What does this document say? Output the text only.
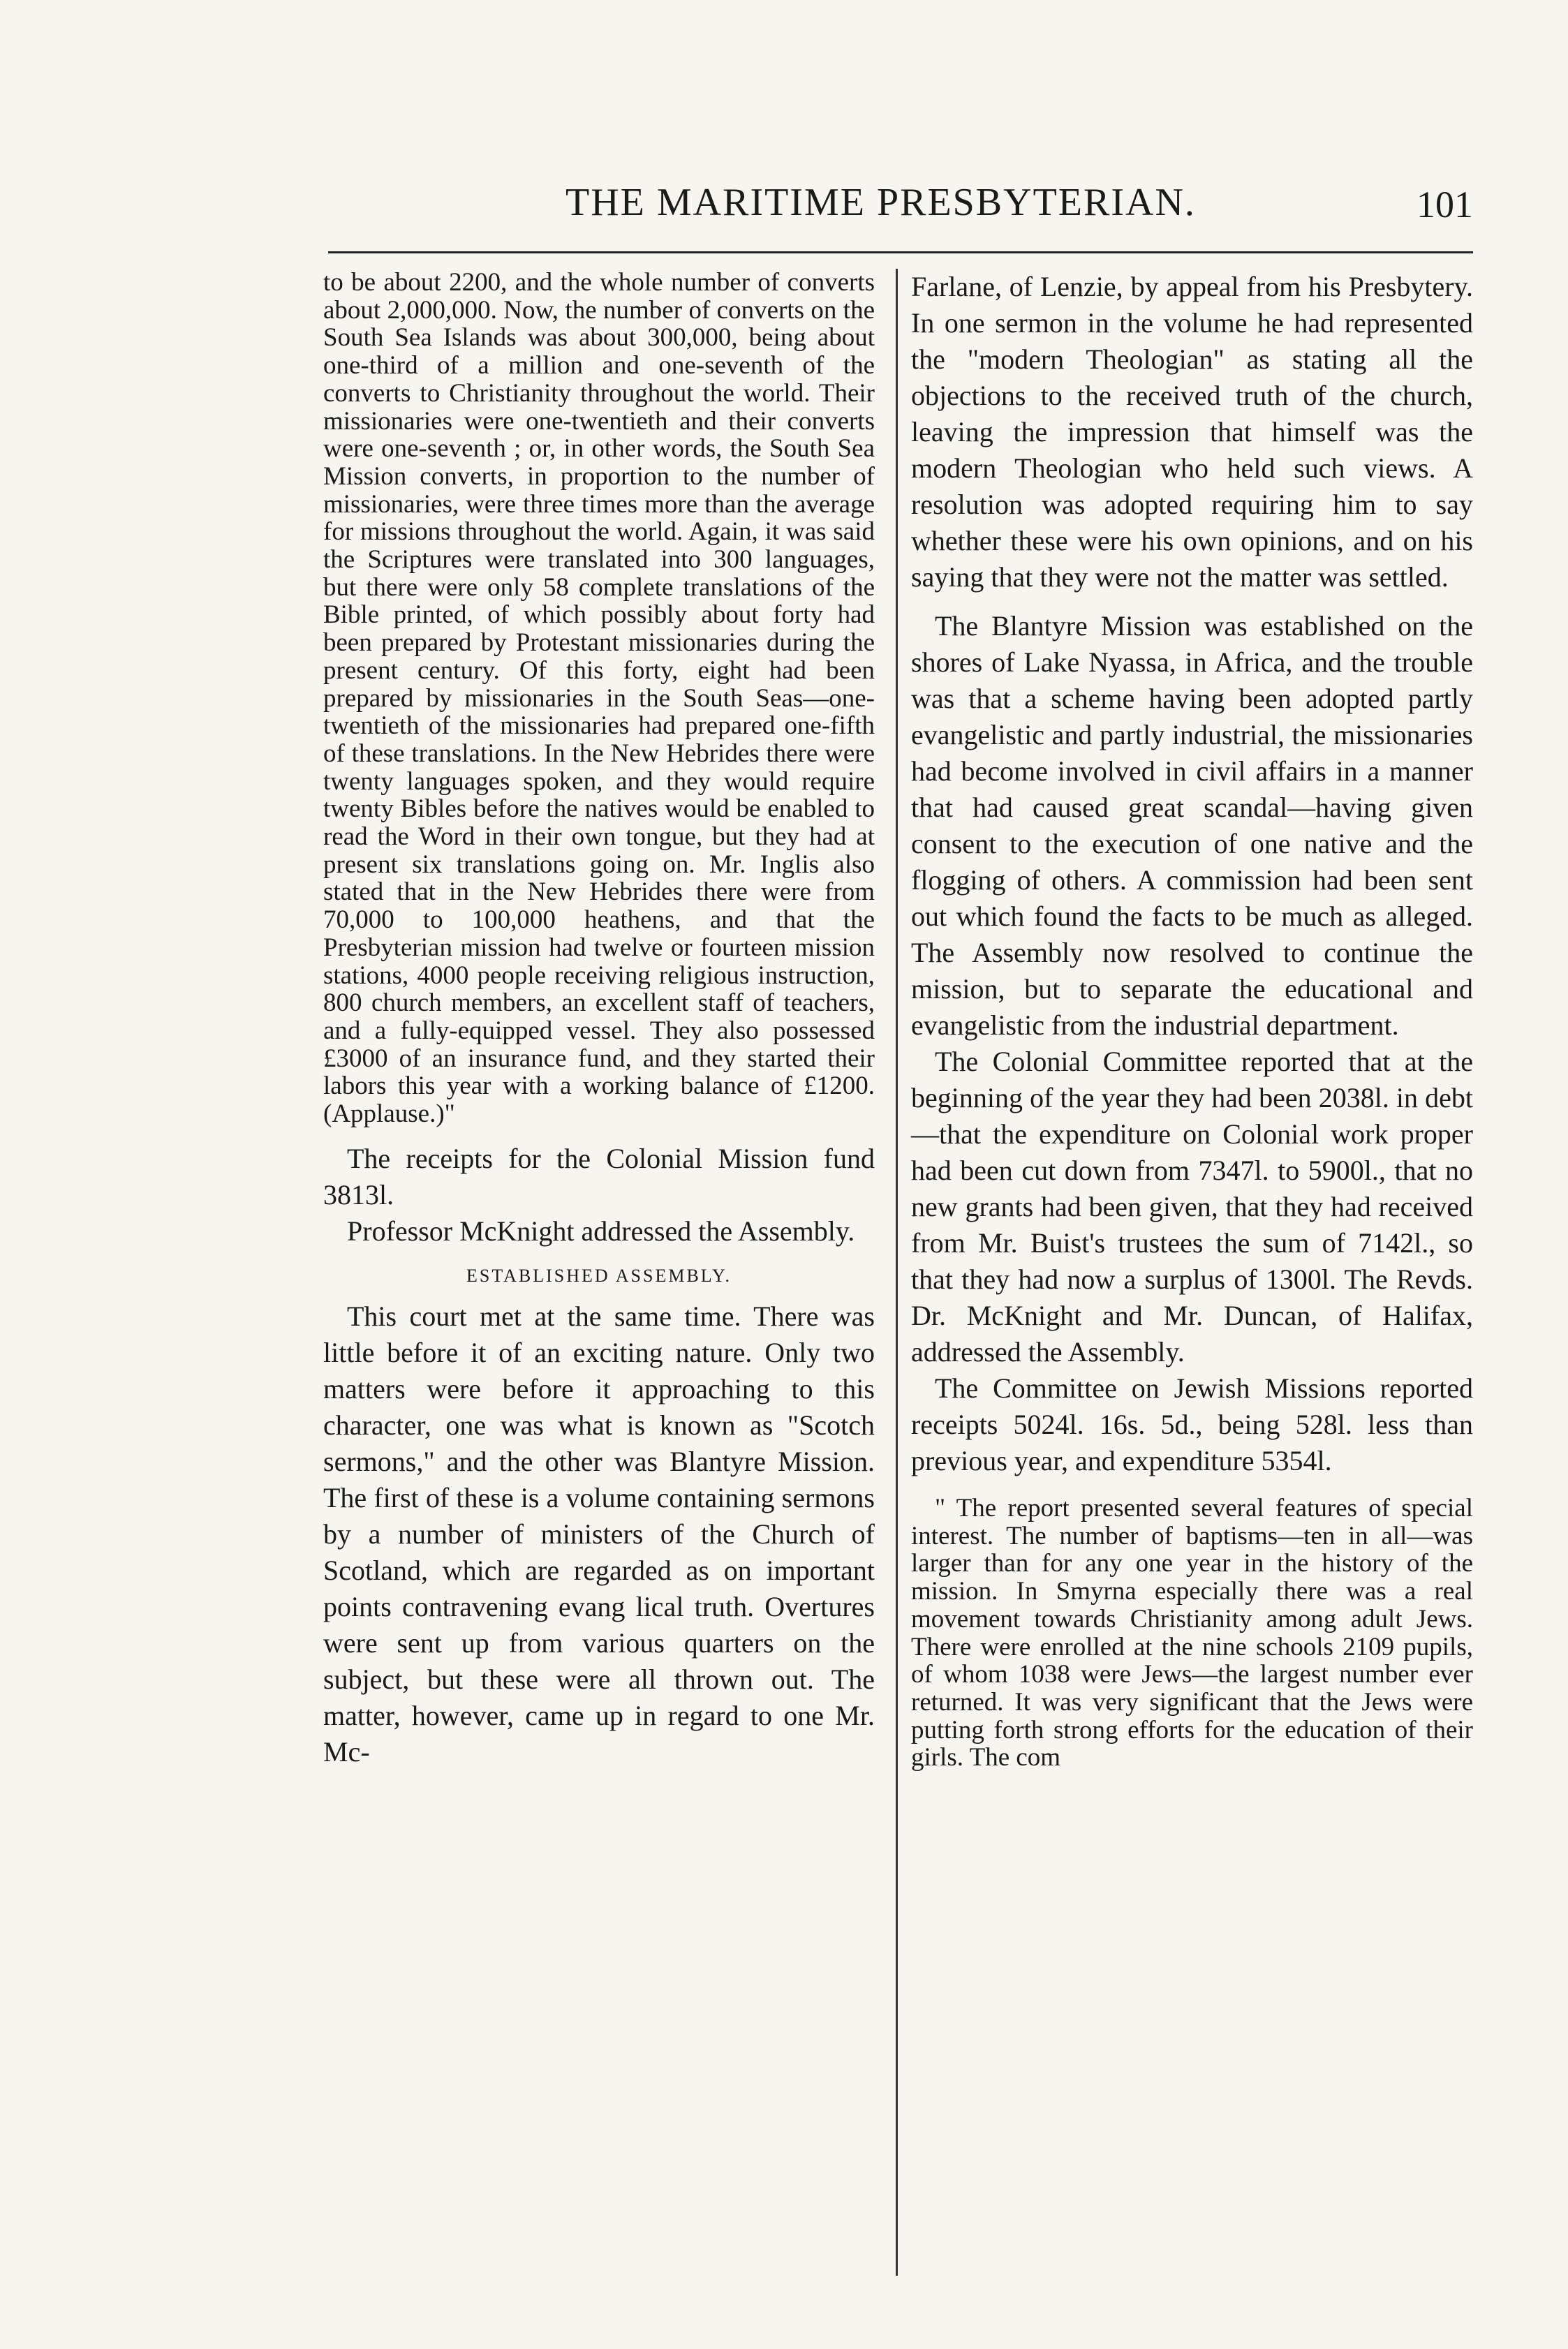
THE MARITIME PRESBYTERIAN.	101

to be about 2200, and the whole number of converts about 2,000,000. Now, the number of converts on the South Sea Islands was about 300,000, being about one-third of a million and one-seventh of the converts to Christianity throughout the world. Their missionaries were one-twentieth and their converts were one-seventh ; or, in other words, the South Sea Mission converts, in proportion to the number of missionaries, were three times more than the average for missions throughout the world. Again, it was said the Scriptures were translated into 300 languages, but there were only 58 complete translations of the Bible printed, of which possibly about forty had been prepared by Protestant missionaries during the present century. Of this forty, eight had been prepared by missionaries in the South Seas—one-twentieth of the missionaries had prepared one-fifth of these translations. In the New Hebrides there were twenty languages spoken, and they would require twenty Bibles before the natives would be enabled to read the Word in their own tongue, but they had at present six translations going on. Mr. Inglis also stated that in the New Hebrides there were from 70,000 to 100,000 heathens, and that the Presbyterian mission had twelve or fourteen mission stations, 4000 people receiving religious instruction, 800 church members, an excellent staff of teachers, and a fully-equipped vessel. They also possessed £3000 of an insurance fund, and they started their labors this year with a working balance of £1200. (Applause.)"

The receipts for the Colonial Mission fund 3813l.

Professor McKnight addressed the Assembly.

ESTABLISHED ASSEMBLY.

This court met at the same time. There was little before it of an exciting nature. Only two matters were before it approaching to this character, one was what is known as "Scotch sermons," and the other was Blantyre Mission. The first of these is a volume containing sermons by a number of ministers of the Church of Scotland, which are regarded as on important points contravening evang lical truth. Overtures were sent up from various quarters on the subject, but these were all thrown out. The matter, however, came up in regard to one Mr. Mc-

Farlane, of Lenzie, by appeal from his Presbytery. In one sermon in the volume he had represented the "modern Theologian" as stating all the objections to the received truth of the church, leaving the impression that himself was the modern Theologian who held such views. A resolution was adopted requiring him to say whether these were his own opinions, and on his saying that they were not the matter was settled.

The Blantyre Mission was established on the shores of Lake Nyassa, in Africa, and the trouble was that a scheme having been adopted partly evangelistic and partly industrial, the missionaries had become involved in civil affairs in a manner that had caused great scandal—having given consent to the execution of one native and the flogging of others. A commission had been sent out which found the facts to be much as alleged. The Assembly now resolved to continue the mission, but to separate the educational and evangelistic from the industrial department.

The Colonial Committee reported that at the beginning of the year they had been 2038l. in debt—that the expenditure on Colonial work proper had been cut down from 7347l. to 5900l., that no new grants had been given, that they had received from Mr. Buist's trustees the sum of 7142l., so that they had now a surplus of 1300l. The Revds. Dr. McKnight and Mr. Duncan, of Halifax, addressed the Assembly.

The Committee on Jewish Missions reported receipts 5024l. 16s. 5d., being 528l. less than previous year, and expenditure 5354l.

" The report presented several features of special interest. The number of baptisms—ten in all—was larger than for any one year in the history of the mission. In Smyrna especially there was a real movement towards Christianity among adult Jews. There were enrolled at the nine schools 2109 pupils, of whom 1038 were Jews—the largest number ever returned. It was very significant that the Jews were putting forth strong efforts for the education of their girls. The com
